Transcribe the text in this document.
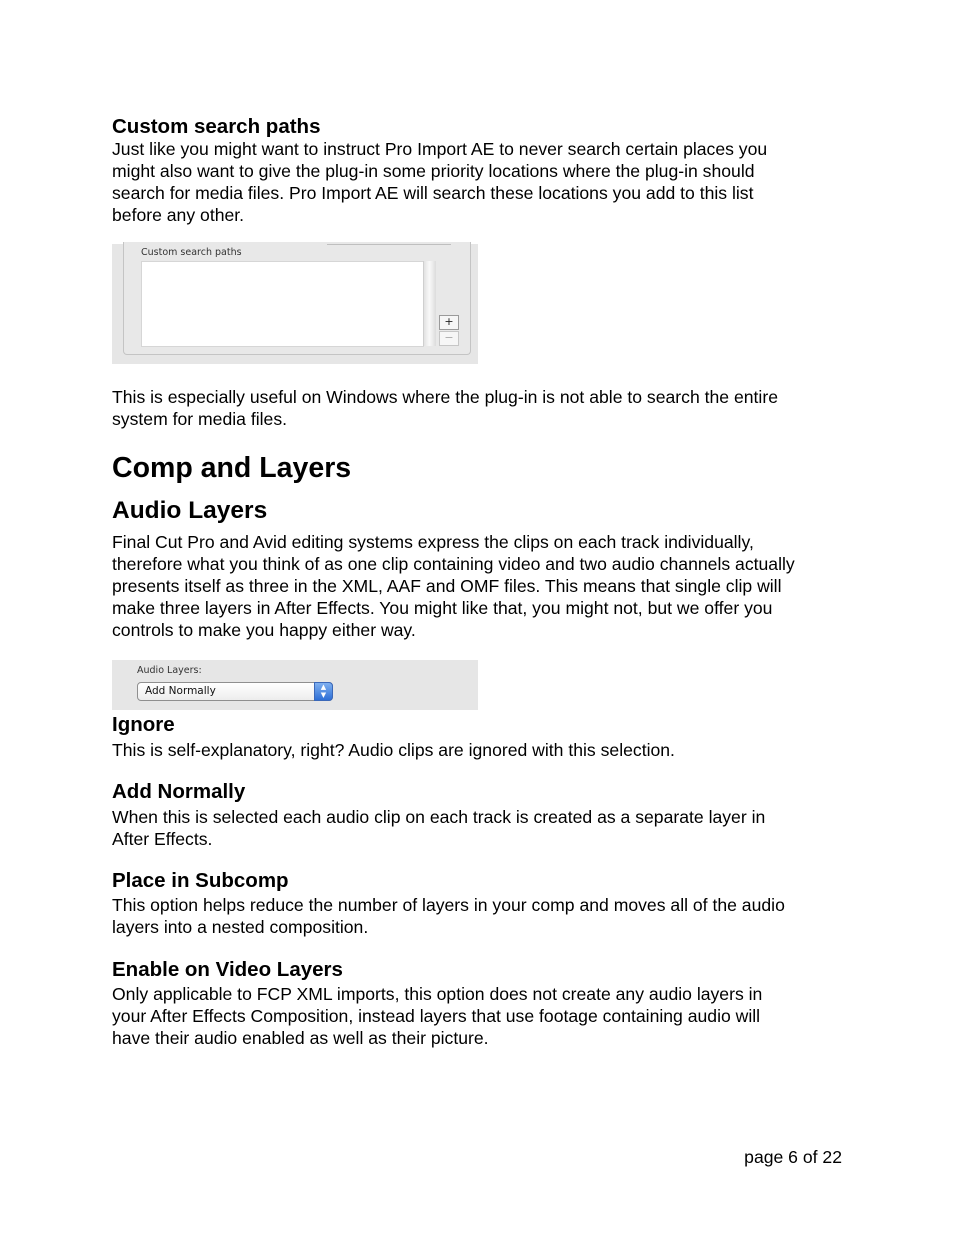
Custom search paths

Just like you might want to instruct Pro Import AE to never search certain places you

might also want to give the plug-in some priority locations where the plug-in should

search for media files. Pro Import AE will search these locations you add to this list

before any other.

Custom search paths
+
−

This is especially useful on Windows where the plug-in is not able to search the entire

system for media files.

Comp and Layers
Audio Layers

Final Cut Pro and Avid editing systems express the clips on each track individually,

therefore what you think of as one clip containing video and two audio channels actually

presents itself as three in the XML, AAF and OMF files. This means that single clip will

make three layers in After Effects. You might like that, you might not, but we offer you

controls to make you happy either way.

Audio Layers:
Add Normally	▲
▼
Ignore

This is self-explanatory, right? Audio clips are ignored with this selection.

Add Normally

When this is selected each audio clip on each track is created as a separate layer in

After Effects.

Place in Subcomp

This option helps reduce the number of layers in your comp and moves all of the audio

layers into a nested composition.

Enable on Video Layers

Only applicable to FCP XML imports, this option does not create any audio layers in

your After Effects Composition, instead layers that use footage containing audio will

have their audio enabled as well as their picture.

page 6 of 22
